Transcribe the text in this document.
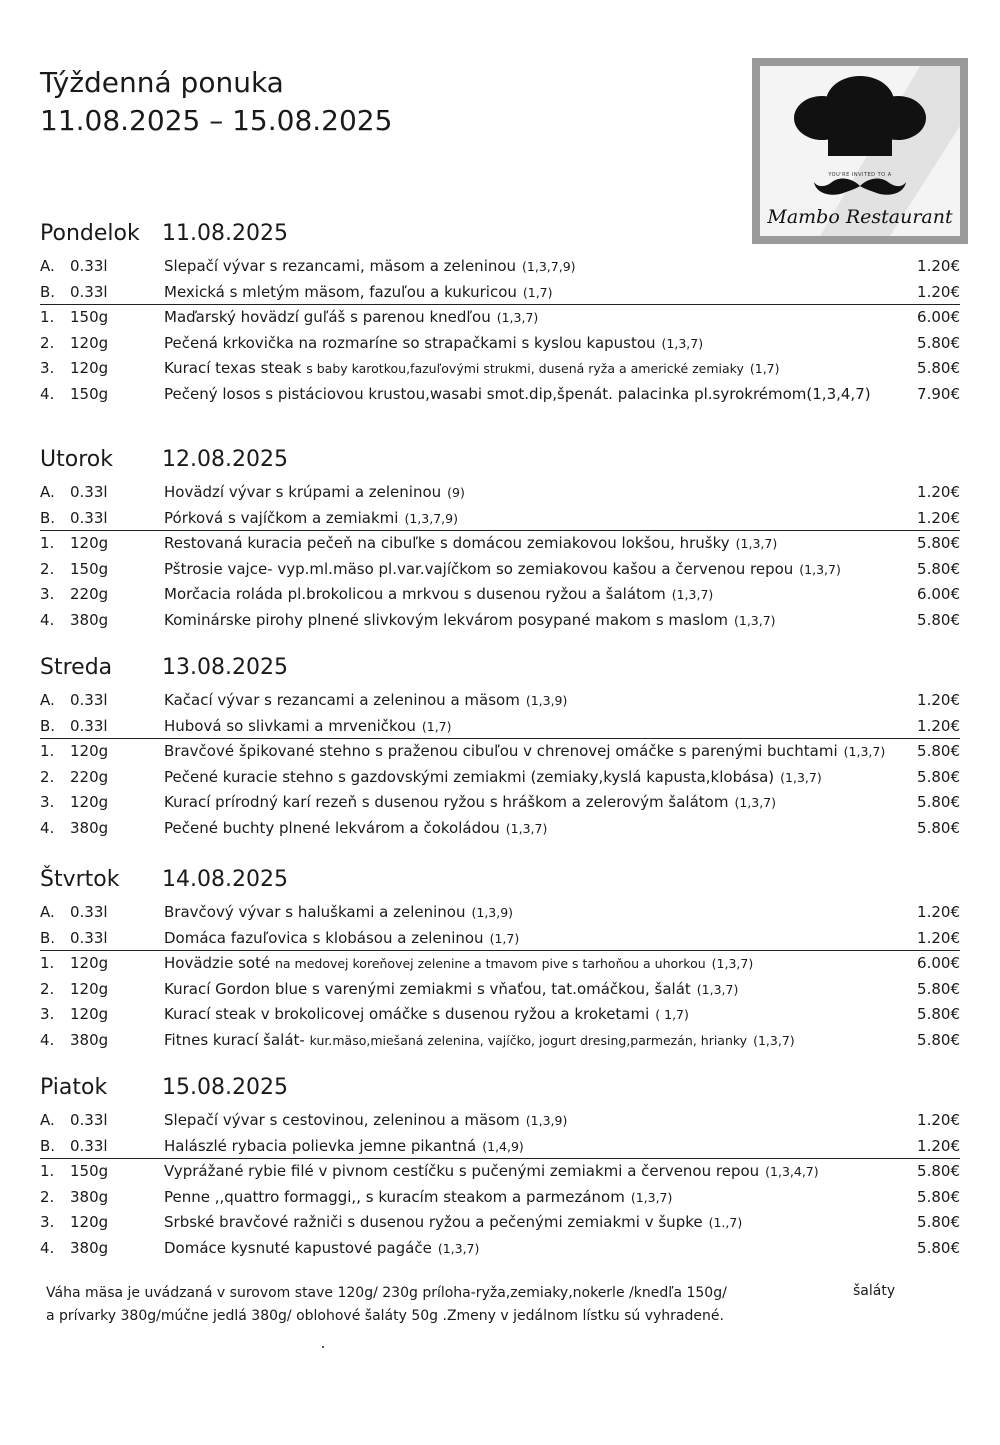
Týždenná ponuka
11.08.2025 – 15.08.2025
YOU'RE INVITED TO A
Mambo Restaurant
Pondelok 11.08.2025
A.	0.33l	Slepačí vývar s rezancami, mäsom a zeleninou (1,3,7,9)	1.20€
B. 0.33l	Mexická s mletým mäsom, fazuľou a kukuricou (1,7)	1.20€
1.	150g	Maďarský hovädzí guľáš s parenou knedľou (1,3,7)	6.00€
2.	120g	Pečená krkovička na rozmaríne so strapačkami s kyslou kapustou (1,3,7)	5.80€
3.	120g	Kurací texas steak s baby karotkou,fazuľovými strukmi, dusená ryža a americké zemiaky (1,7)	5.80€
4.	150g	Pečený losos s pistáciovou krustou,wasabi smot.dip,špenát. palacinka pl.syrokrémom(1,3,4,7)	7.90€
Utorok 12.08.2025
A.	0.33l	Hovädzí vývar s krúpami a zeleninou (9)	1.20€
B. 0.33l	Pórková s vajíčkom a zemiakmi (1,3,7,9)	1.20€
1.	120g	Restovaná kuracia pečeň na cibuľke s domácou zemiakovou lokšou, hrušky (1,3,7)	5.80€
2.	150g	Pštrosie vajce- vyp.ml.mäso pl.var.vajíčkom so zemiakovou kašou a červenou repou (1,3,7)	5.80€
3.	220g	Morčacia roláda pl.brokolicou a mrkvou s dusenou ryžou a šalátom (1,3,7)	6.00€
4.	380g	Kominárske pirohy plnené slivkovým lekvárom posypané makom s maslom (1,3,7)	5.80€
Streda 13.08.2025
A.	0.33l	Kačací vývar s rezancami a zeleninou a mäsom (1,3,9)	1.20€
B. 0.33l	Hubová so slivkami a mrveničkou (1,7)	1.20€
1.	120g	Bravčové špikované stehno s praženou cibuľou v chrenovej omáčke s parenými buchtami (1,3,7) 5.80€
2.	220g	Pečené kuracie stehno s gazdovskými zemiakmi (zemiaky,kyslá kapusta,klobása) (1,3,7)	5.80€
3.	120g	Kurací prírodný karí rezeň s dusenou ryžou s hráškom a zelerovým šalátom (1,3,7)	5.80€
4.	380g	Pečené buchty plnené lekvárom a čokoládou (1,3,7)	5.80€
Štvrtok 14.08.2025
A.	0.33l	Bravčový vývar s haluškami a zeleninou (1,3,9)	1.20€
B. 0.33l	Domáca fazuľovica s klobásou a zeleninou (1,7)	1.20€
1.	120g	Hovädzie soté na medovej koreňovej zelenine a tmavom pive s tarhoňou a uhorkou (1,3,7)	6.00€
2.	120g	Kurací Gordon blue s varenými zemiakmi s vňaťou, tat.omáčkou, šalát (1,3,7)	5.80€
3.	120g	Kurací steak v brokolicovej omáčke s dusenou ryžou a kroketami ( 1,7)	5.80€
4.	380g	Fitnes kurací šalát- kur.mäso,miešaná zelenina, vajíčko, jogurt dresing,parmezán, hrianky (1,3,7)	5.80€
Piatok 15.08.2025
A.	0.33l	Slepačí vývar s cestovinou, zeleninou a mäsom (1,3,9)	1.20€
B. 0.33l	Halászlé rybacia polievka jemne pikantná (1,4,9)	1.20€
1.	150g	Vyprážané rybie filé v pivnom cestíčku s pučenými zemiakmi a červenou repou (1,3,4,7)	5.80€
2.	380g	Penne ,,quattro formaggi,, s kuracím steakom a parmezánom (1,3,7)	5.80€
3.	120g	Srbské bravčové ražniči s dusenou ryžou a pečenými zemiakmi v šupke (1.,7)	5.80€
4.	380g	Domáce kysnuté kapustové pagáče (1,3,7)	5.80€
Váha mäsa je uvádzaná v surovom stave 120g/ 230g príloha-ryža,zemiaky,nokerle /knedľa 150g/
a prívarky 380g/múčne jedlá 380g/ oblohové šaláty 50g .Zmeny v jedálnom lístku sú vyhradené.
šaláty
